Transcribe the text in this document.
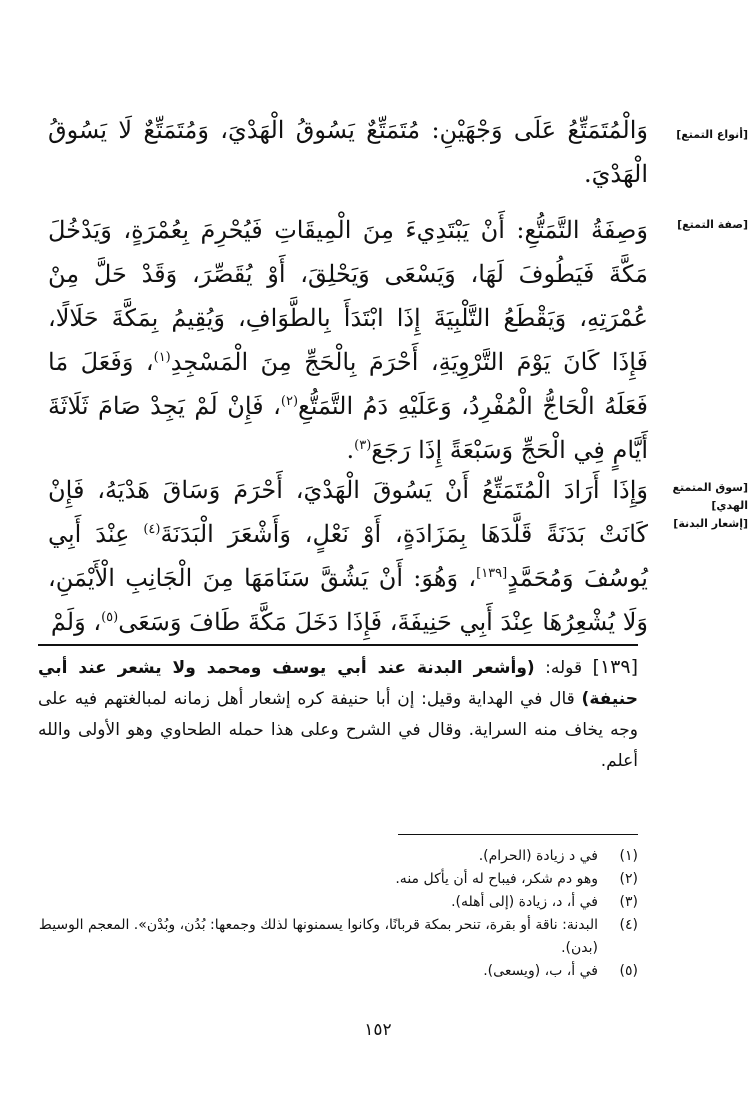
[أنواع التمتع]
[صفة التمتع]
[سوق المتمتع
الهدي]
[إشعار البدنة]
وَالْمُتَمَتِّعُ عَلَى وَجْهَيْنِ: مُتَمَتِّعٌ يَسُوقُ الْهَدْيَ، وَمُتَمَتِّعٌ لَا يَسُوقُ الْهَدْيَ.
وَصِفَةُ التَّمَتُّعِ: أَنْ يَبْتَدِيءَ مِنَ الْمِيقَاتِ فَيُحْرِمَ بِعُمْرَةٍ، وَيَدْخُلَ مَكَّةَ فَيَطُوفَ لَهَا، وَيَسْعَى وَيَحْلِقَ، أَوْ يُقَصِّرَ، وَقَدْ حَلَّ مِنْ عُمْرَتِهِ، وَيَقْطَعُ التَّلْبِيَةَ إِذَا ابْتَدَأَ بِالطَّوَافِ، وَيُقِيمُ بِمَكَّةَ حَلَالًا، فَإِذَا كَانَ يَوْمَ التَّرْوِيَةِ، أَحْرَمَ بِالْحَجِّ مِنَ الْمَسْجِدِ$^{(١)}$، وَفَعَلَ مَا فَعَلَهُ الْحَاجُّ الْمُفْرِدُ، وَعَلَيْهِ دَمُ التَّمَتُّعِ$^{(٢)}$، فَإِنْ لَمْ يَجِدْ صَامَ ثَلَاثَةَ أَيَّامٍ فِي الْحَجِّ وَسَبْعَةً إِذَا رَجَعَ$^{(٣)}$.
وَإِذَا أَرَادَ الْمُتَمَتِّعُ أَنْ يَسُوقَ الْهَدْيَ، أَحْرَمَ وَسَاقَ هَدْيَهُ، فَإِنْ كَانَتْ بَدَنَةً قَلَّدَهَا بِمَزَادَةٍ، أَوْ نَعْلٍ، وَأَشْعَرَ الْبَدَنَةَ$^{(٤)}$ عِنْدَ أَبِي يُوسُفَ وَمُحَمَّدٍ[١٣٩]، وَهُوَ: أَنْ يَشُقَّ سَنَامَهَا مِنَ الْجَانِبِ الْأَيْمَنِ، وَلَا يُشْعِرُهَا عِنْدَ أَبِي حَنِيفَةَ، فَإِذَا دَخَلَ مَكَّةَ طَافَ وَسَعَى$^{(٥)}$، وَلَمْ
[١٣٩] قوله: (وأشعر البدنة عند أبي يوسف ومحمد ولا يشعر عند أبي حنيفة) قال في الهداية وقيل: إن أبا حنيفة كره إشعار أهل زمانه لمبالغتهم فيه على وجه يخاف منه السراية. وقال في الشرح وعلى هذا حمله الطحاوي وهو الأولى والله أعلم.
(١)
في د زيادة (الحرام).
(٢)
وهو دم شكر، فيباح له أن يأكل منه.
(٣)
في أ، د، زيادة (إلى أهله).
(٤)
البدنة: ناقة أو بقرة، تنحر بمكة قربانًا، وكانوا يسمنونها لذلك وجمعها: بُدُن، وبُدْن». المعجم الوسيط (بدن).
(٥)
في أ، ب، (ويسعى).
١٥٢
